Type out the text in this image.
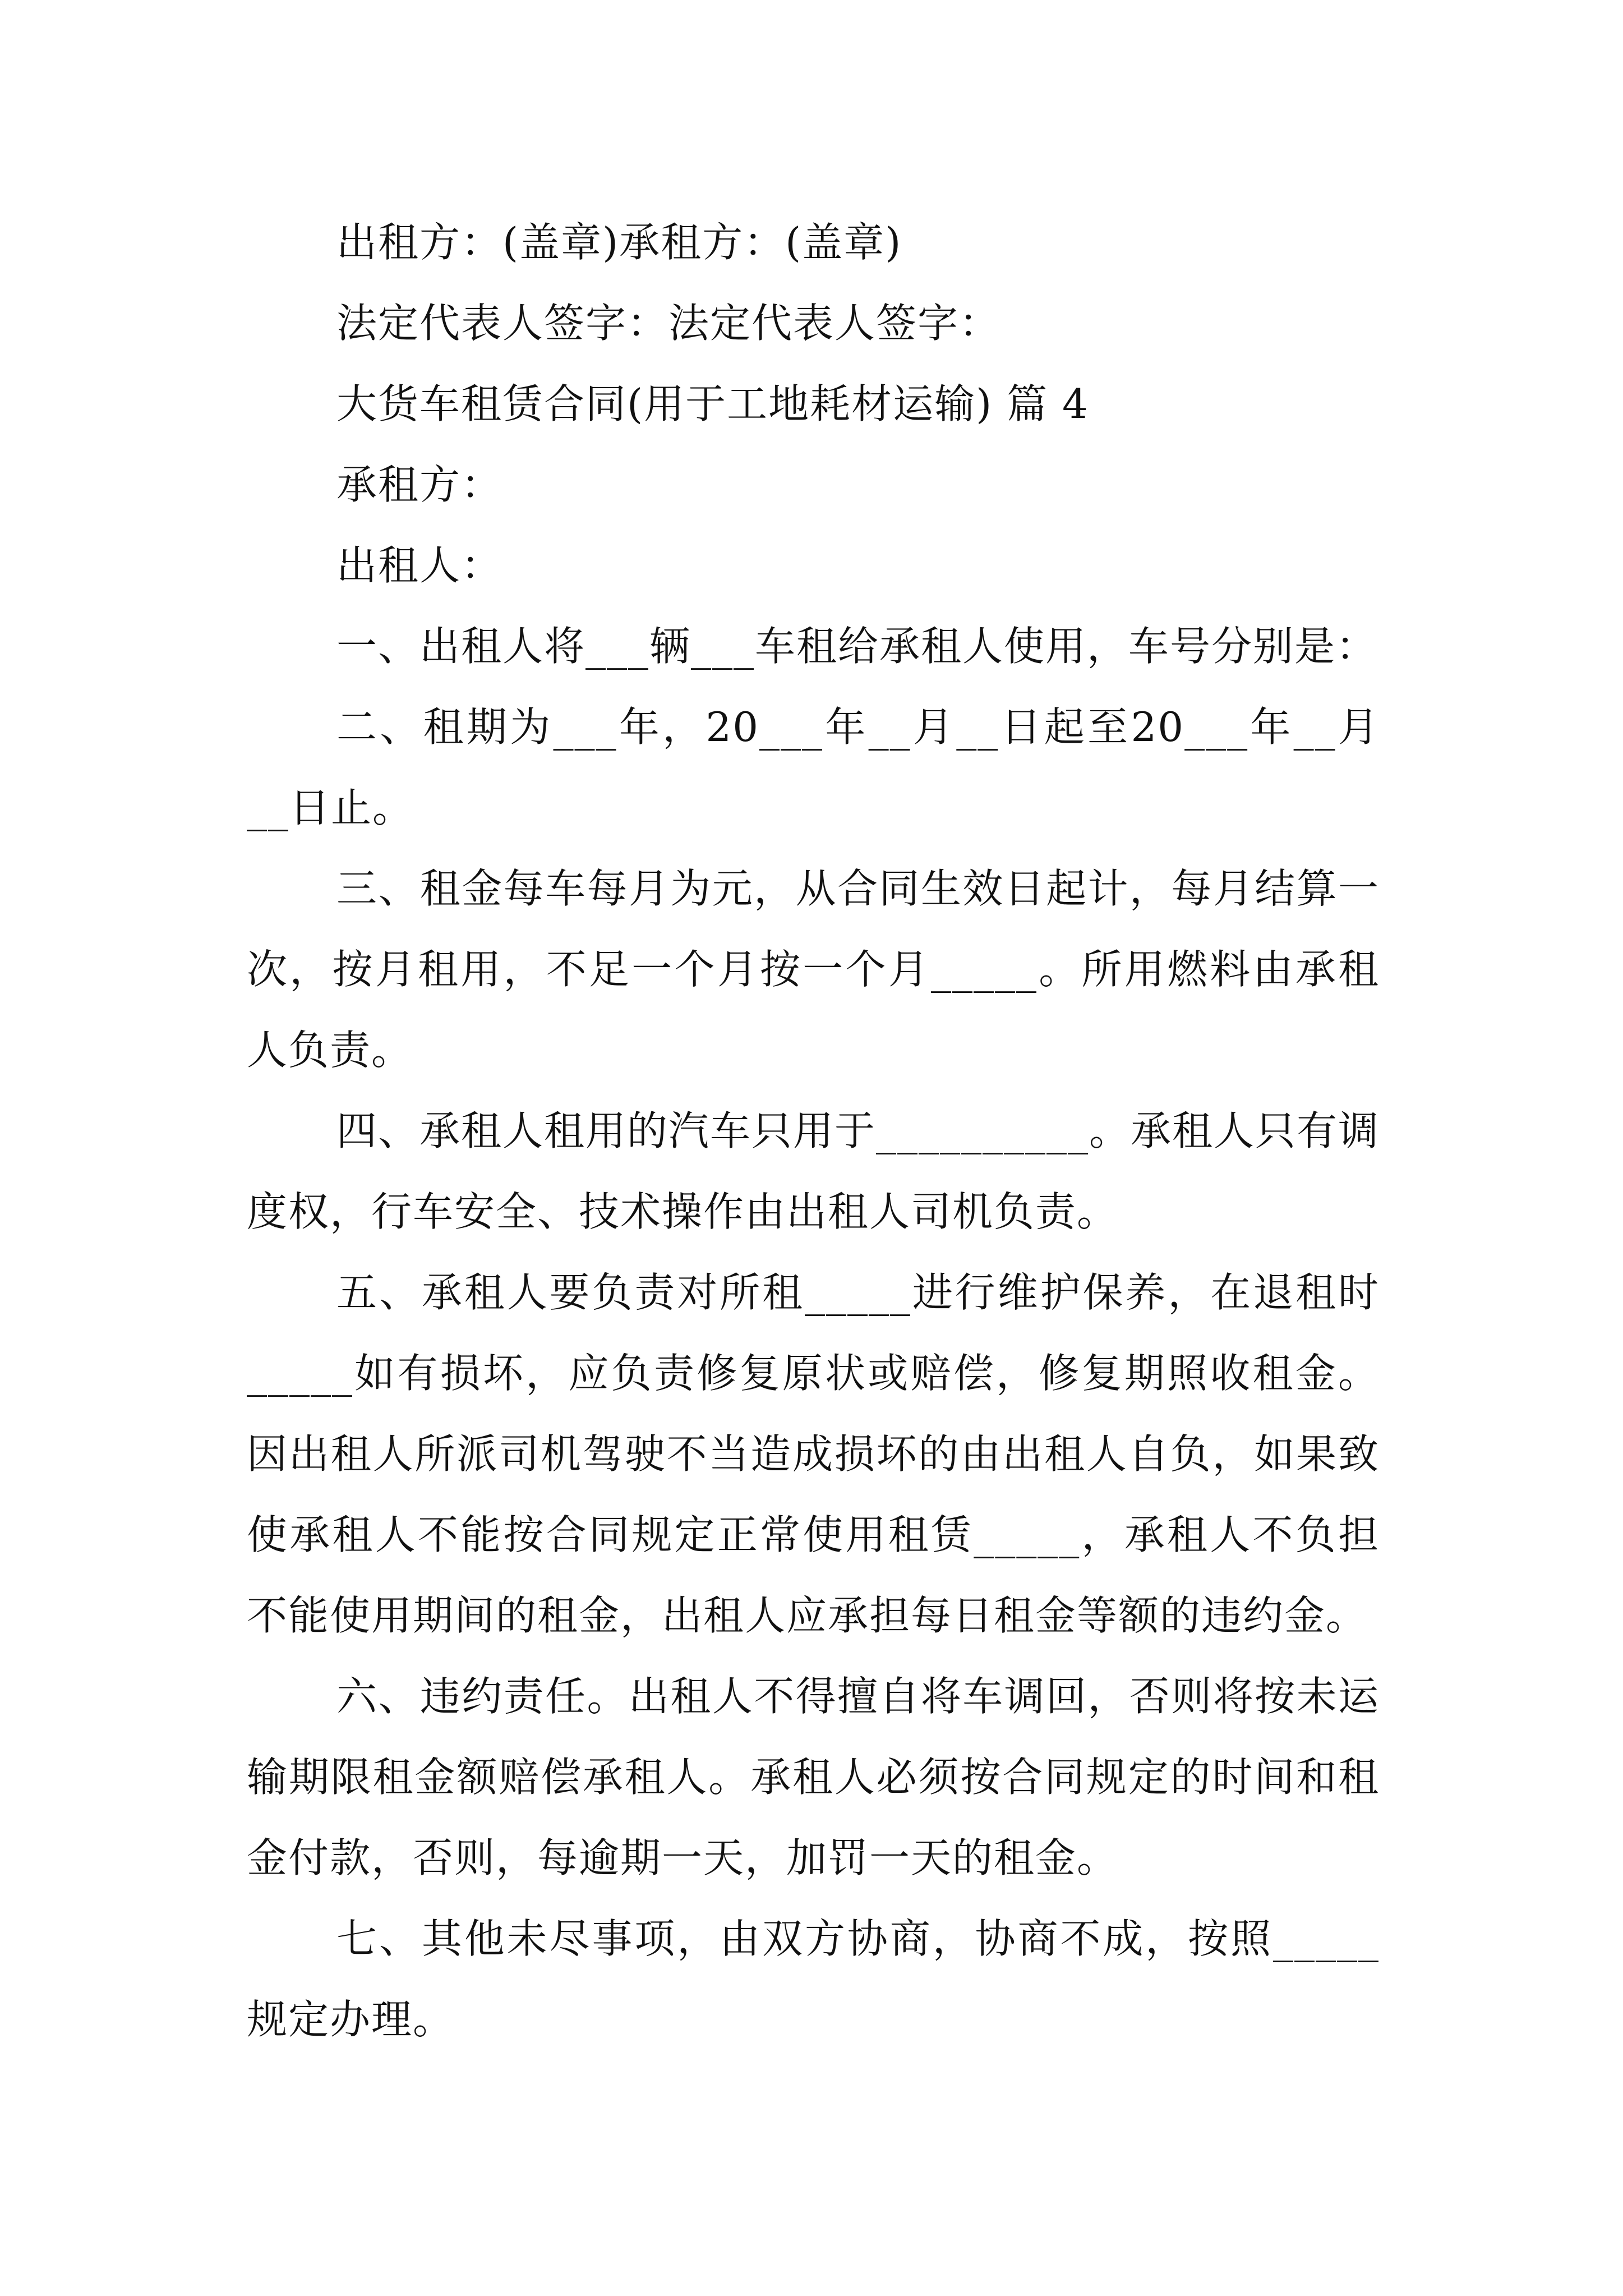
出租方：(盖章)承租方：(盖章)

法定代表人签字：法定代表人签字：

大货车租赁合同(用于工地耗材运输) 篇 4

承租方：

出租人：

一、出租人将___辆___车租给承租人使用，车号分别是：

二、租期为___年，20___年__月__日起至20___年__月__日止。

三、租金每车每月为元，从合同生效日起计，每月结算一次，按月租用，不足一个月按一个月_____。所用燃料由承租人负责。

四、承租人租用的汽车只用于__________。承租人只有调度权，行车安全、技术操作由出租人司机负责。

五、承租人要负责对所租_____进行维护保养，在退租时_____如有损坏，应负责修复原状或赔偿，修复期照收租金。因出租人所派司机驾驶不当造成损坏的由出租人自负，如果致使承租人不能按合同规定正常使用租赁_____，承租人不负担不能使用期间的租金，出租人应承担每日租金等额的违约金。

六、违约责任。出租人不得擅自将车调回，否则将按未运输期限租金额赔偿承租人。承租人必须按合同规定的时间和租金付款，否则，每逾期一天，加罚一天的租金。

七、其他未尽事项，由双方协商，协商不成，按照_____规定办理。
